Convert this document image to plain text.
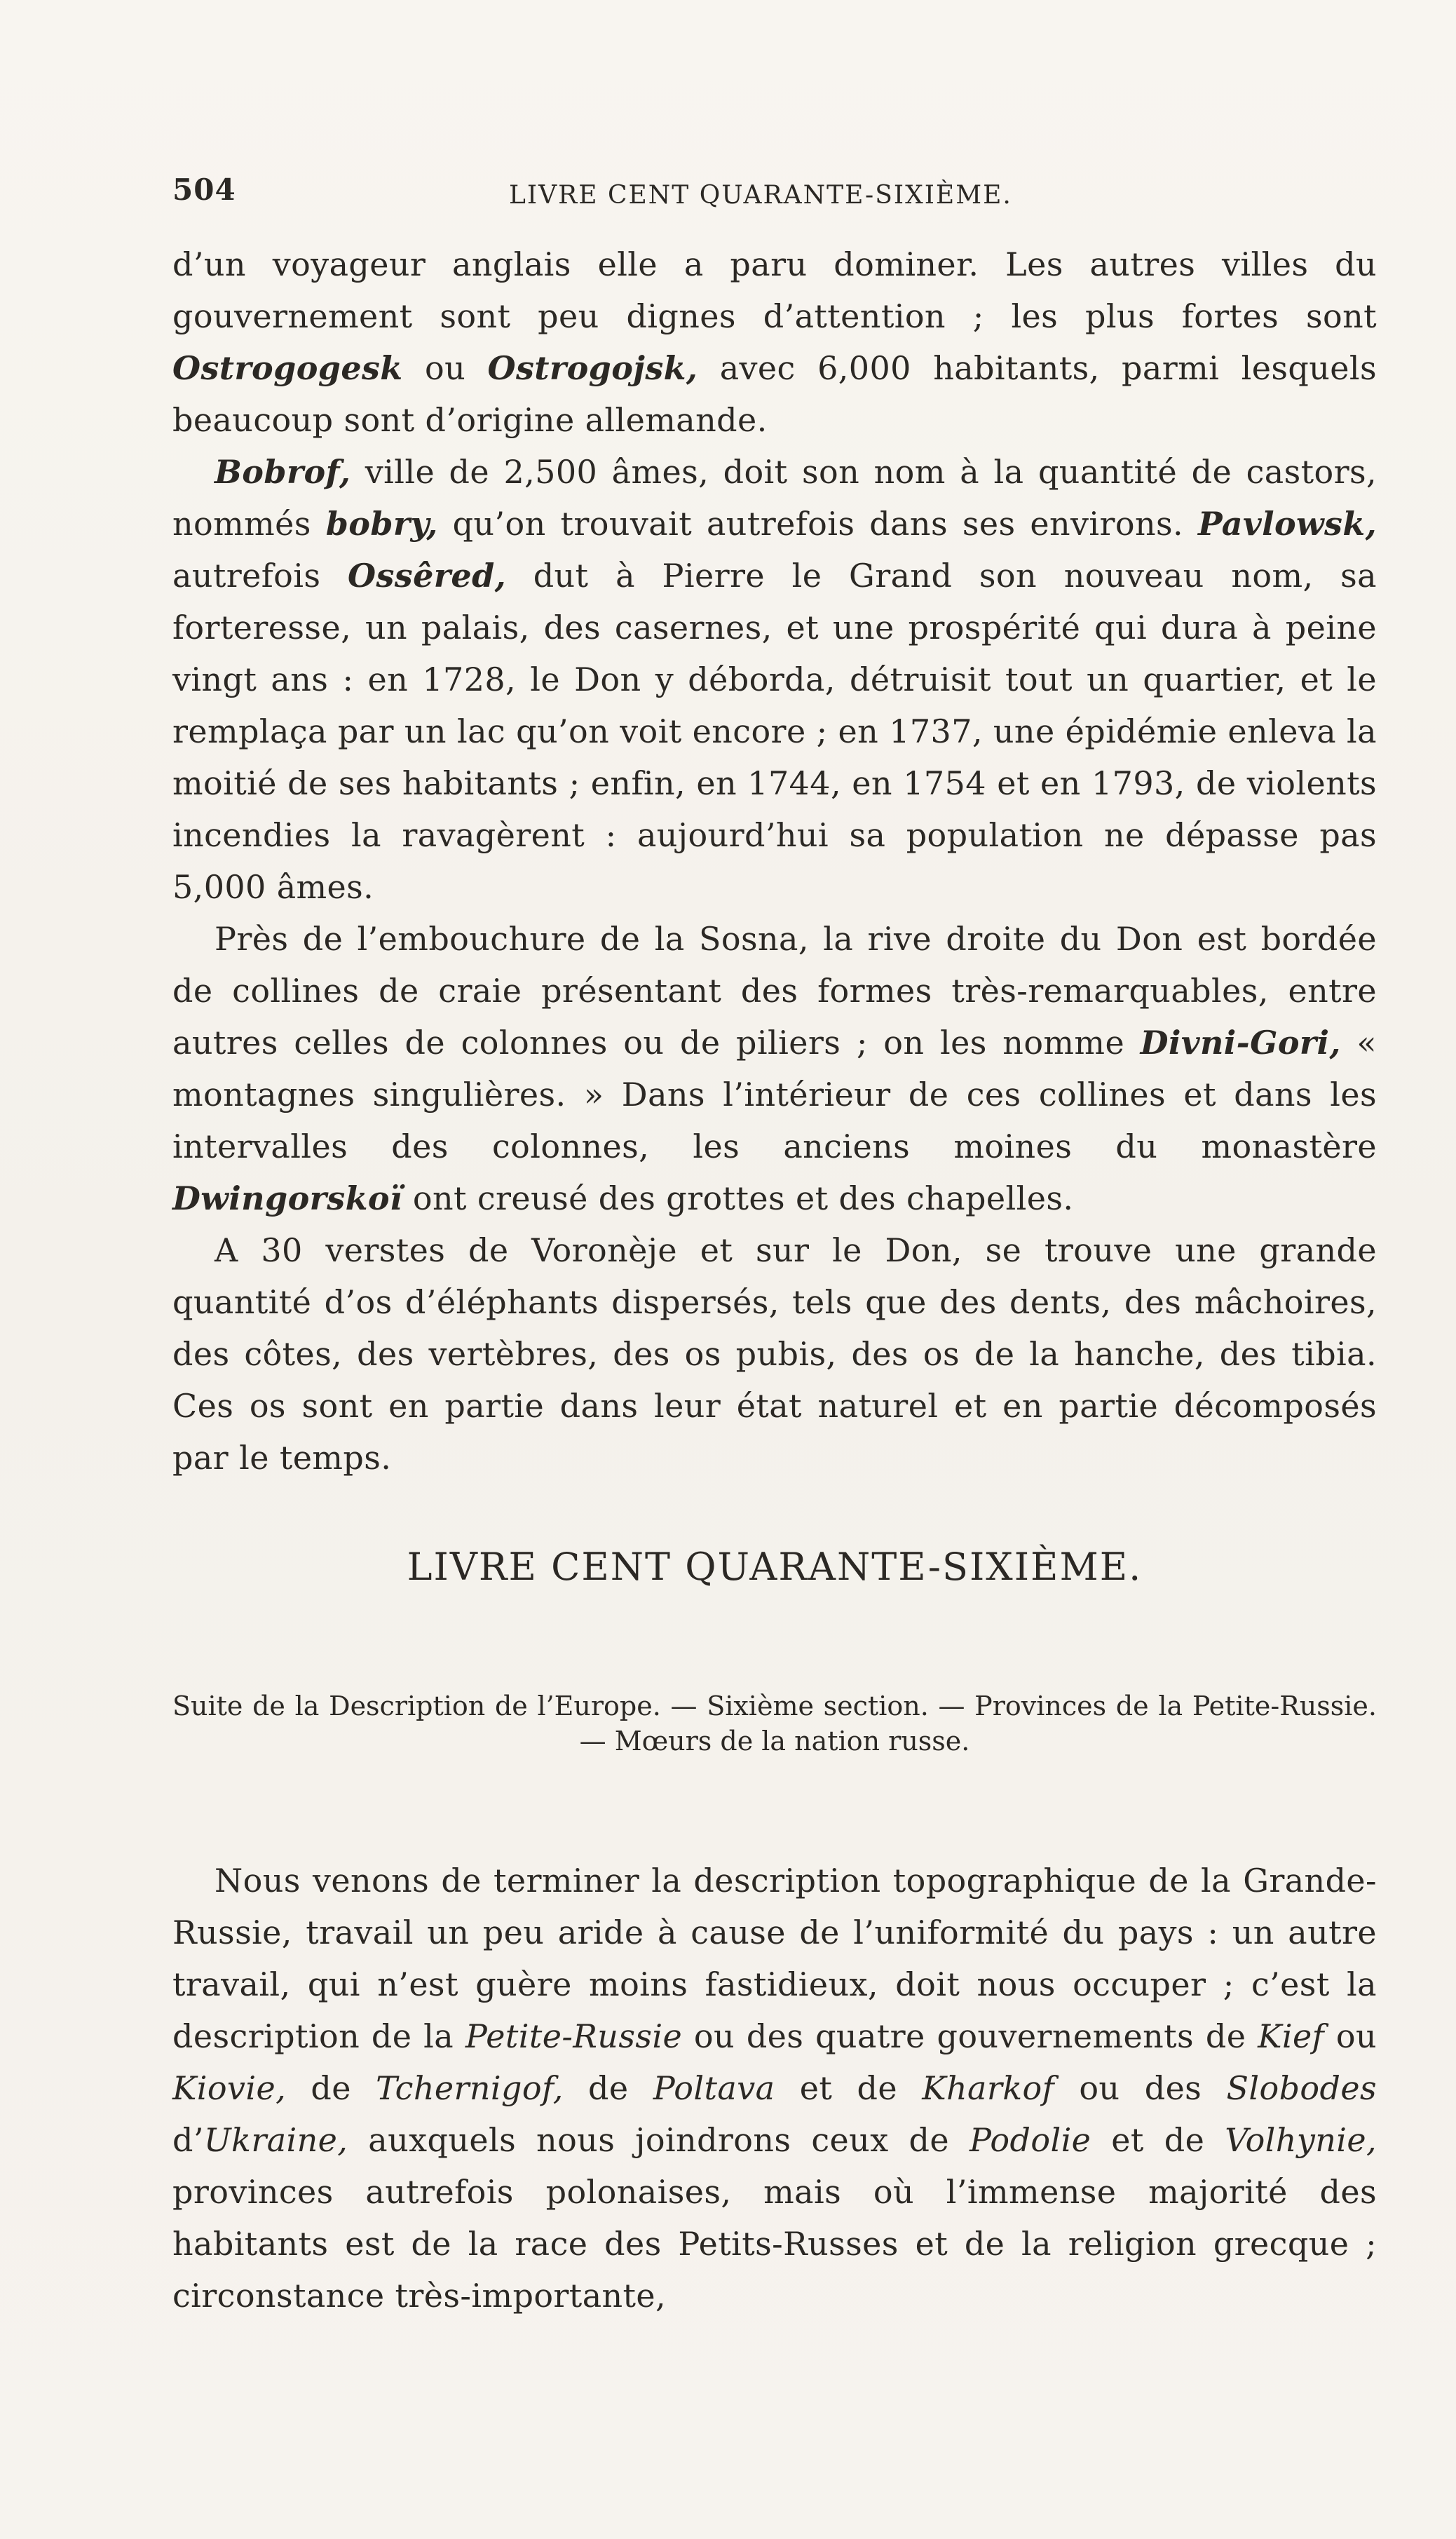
504	LIVRE CENT QUARANTE-SIXIÈME.

d’un voyageur anglais elle a paru dominer. Les autres villes du gouvernement sont peu dignes d’attention ; les plus fortes sont Ostrogogesk ou Ostrogojsk, avec 6,000 habitants, parmi lesquels beaucoup sont d’origine allemande.

Bobrof, ville de 2,500 âmes, doit son nom à la quantité de castors, nommés bobry, qu’on trouvait autrefois dans ses environs. Pavlowsk, autrefois Ossêred, dut à Pierre le Grand son nouveau nom, sa forteresse, un palais, des casernes, et une prospérité qui dura à peine vingt ans : en 1728, le Don y déborda, détruisit tout un quartier, et le remplaça par un lac qu’on voit encore ; en 1737, une épidémie enleva la moitié de ses habitants ; enfin, en 1744, en 1754 et en 1793, de violents incendies la ravagèrent : aujourd’hui sa population ne dépasse pas 5,000 âmes.

Près de l’embouchure de la Sosna, la rive droite du Don est bordée de collines de craie présentant des formes très-remarquables, entre autres celles de colonnes ou de piliers ; on les nomme Divni-Gori, « montagnes singulières. » Dans l’intérieur de ces collines et dans les intervalles des colonnes, les anciens moines du monastère Dwingorskoï ont creusé des grottes et des chapelles.

A 30 verstes de Voronèje et sur le Don, se trouve une grande quantité d’os d’éléphants dispersés, tels que des dents, des mâchoires, des côtes, des vertèbres, des os pubis, des os de la hanche, des tibia. Ces os sont en partie dans leur état naturel et en partie décomposés par le temps.

LIVRE CENT QUARANTE-SIXIÈME.
Suite de la Description de l’Europe. — Sixième section. — Provinces de la Petite-Russie. — Mœurs de la nation russe.

Nous venons de terminer la description topographique de la Grande-Russie, travail un peu aride à cause de l’uniformité du pays : un autre travail, qui n’est guère moins fastidieux, doit nous occuper ; c’est la description de la Petite-Russie ou des quatre gouvernements de Kief ou Kiovie, de Tchernigof, de Poltava et de Kharkof ou des Slobodes d’Ukraine, auxquels nous joindrons ceux de Podolie et de Volhynie, provinces autrefois polonaises, mais où l’immense majorité des habitants est de la race des Petits-Russes et de la religion grecque ; circonstance très-importante,
